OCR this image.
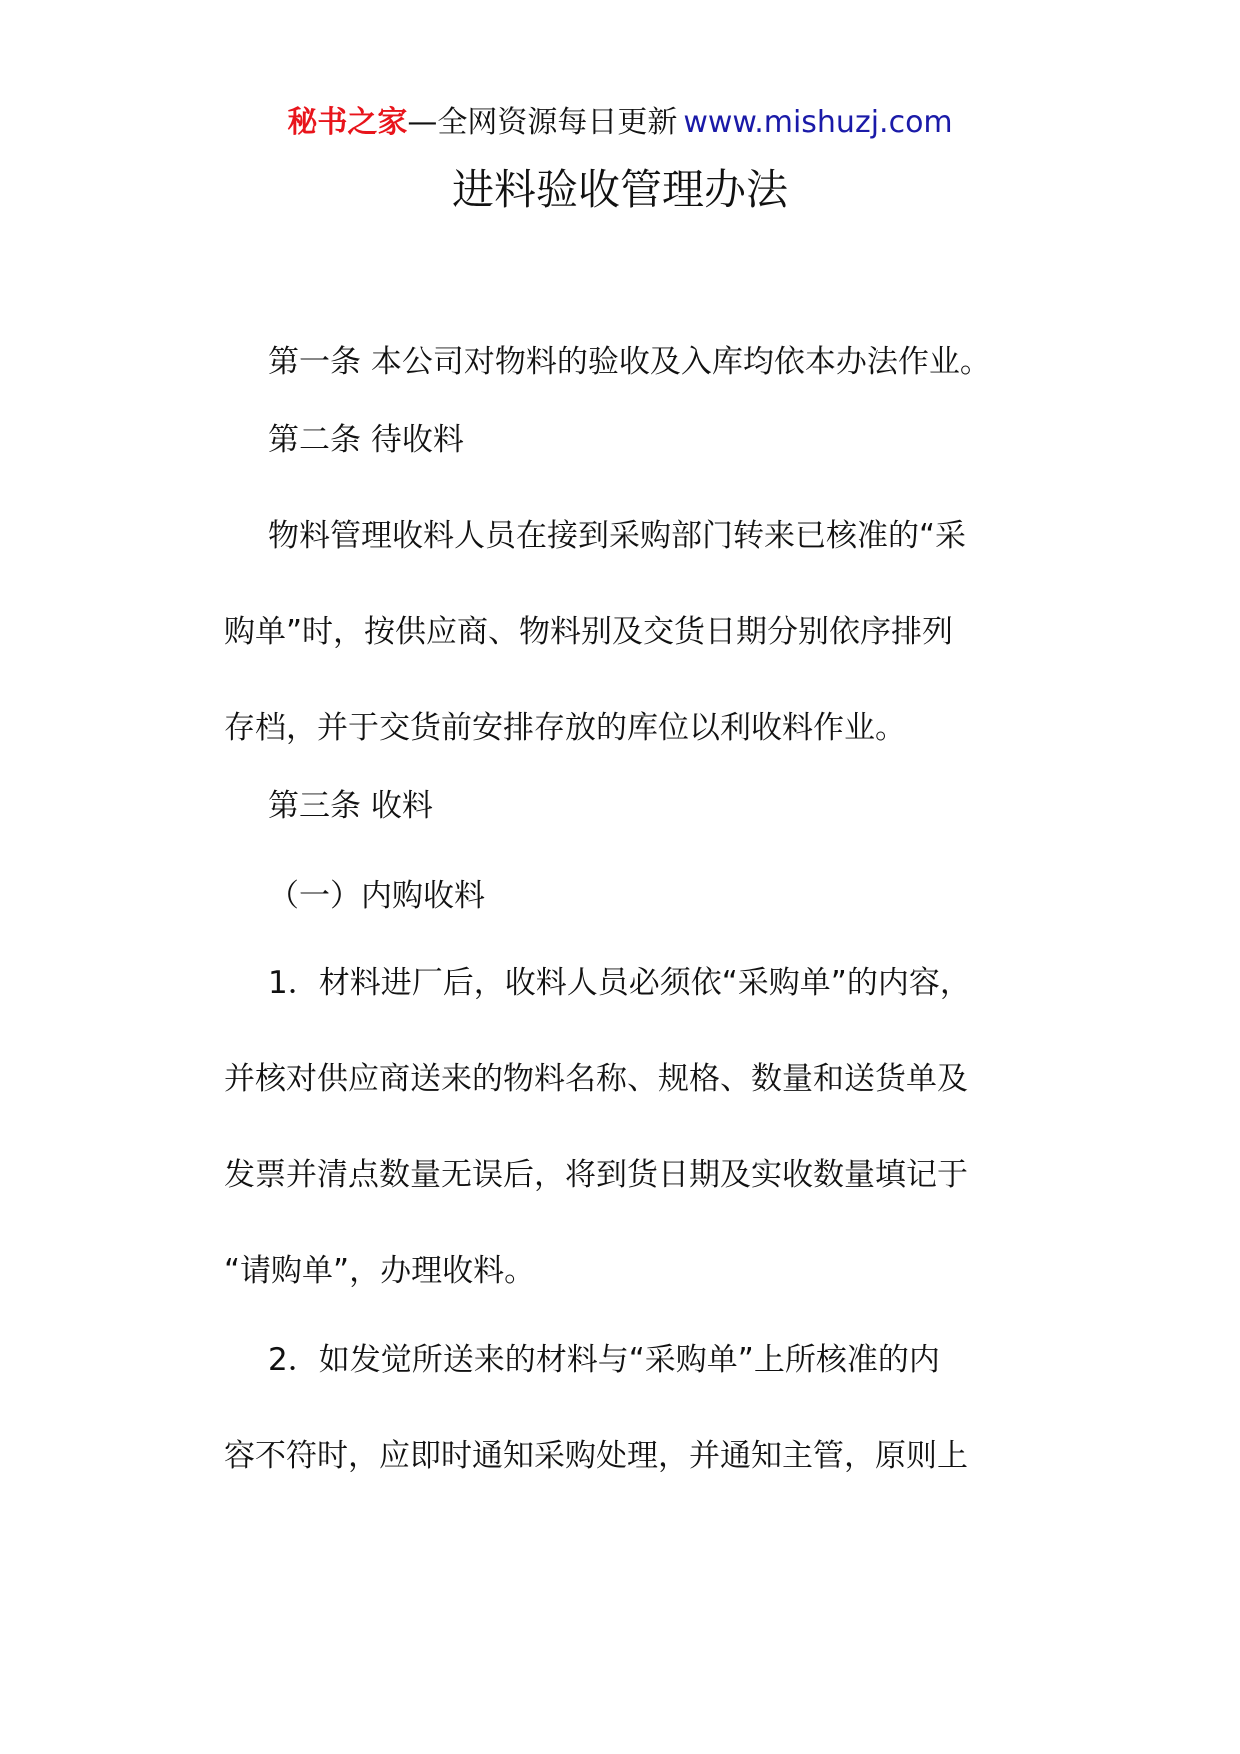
秘书之家—全网资源每日更新 www.mishuzj.com
进料验收管理办法
第一条 本公司对物料的验收及入库均依本办法作业。
第二条 待收料
物料管理收料人员在接到采购部门转来已核准的“采
购单”时，按供应商、物料别及交货日期分别依序排列
存档，并于交货前安排存放的库位以利收料作业。
第三条 收料
（一）内购收料
1．材料进厂后，收料人员必须依“采购单”的内容，
并核对供应商送来的物料名称、规格、数量和送货单及
发票并清点数量无误后，将到货日期及实收数量填记于
“请购单”，办理收料。
2．如发觉所送来的材料与“采购单”上所核准的内
容不符时，应即时通知采购处理，并通知主管，原则上
